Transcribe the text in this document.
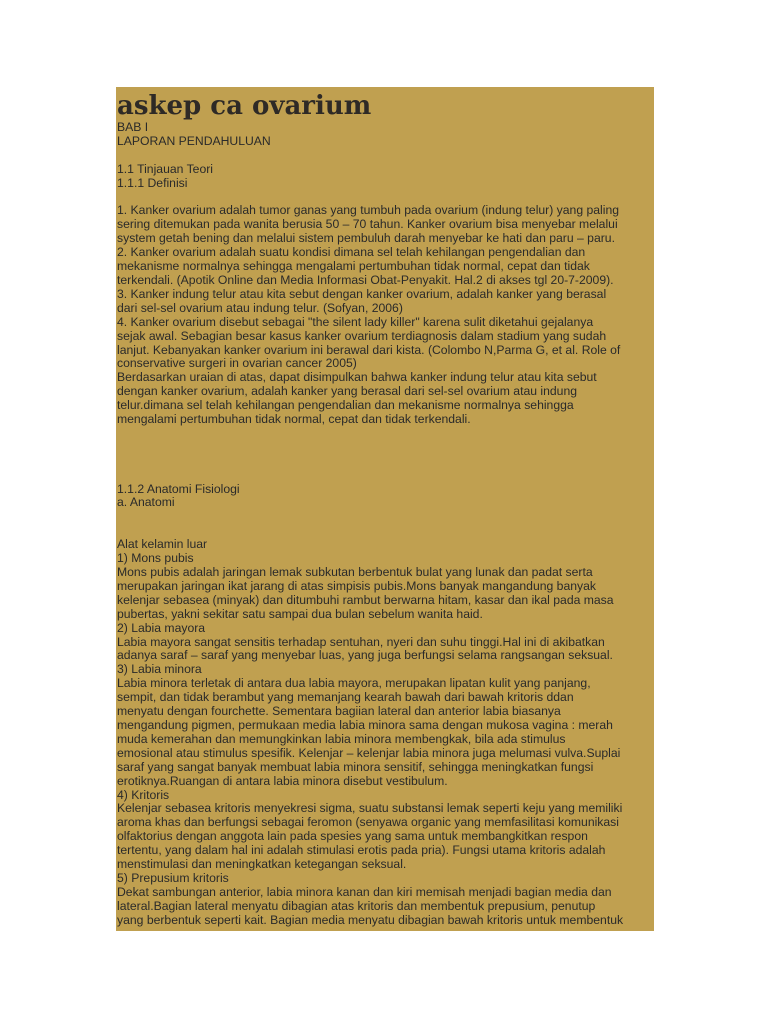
askep ca ovarium
BAB I
LAPORAN PENDAHULUAN

1.1 Tinjauan Teori
1.1.1 Definisi

1. Kanker ovarium adalah tumor ganas yang tumbuh pada ovarium (indung telur) yang paling
sering ditemukan pada wanita berusia 50 – 70 tahun. Kanker ovarium bisa menyebar melalui
system getah bening dan melalui sistem pembuluh darah menyebar ke hati dan paru – paru.
2. Kanker ovarium adalah suatu kondisi dimana sel telah kehilangan pengendalian dan
mekanisme normalnya sehingga mengalami pertumbuhan tidak normal, cepat dan tidak
terkendali. (Apotik Online dan Media Informasi Obat-Penyakit. Hal.2 di akses tgl 20-7-2009).
3. Kanker indung telur atau kita sebut dengan kanker ovarium, adalah kanker yang berasal
dari sel-sel ovarium atau indung telur. (Sofyan, 2006)
4. Kanker ovarium disebut sebagai "the silent lady killer" karena sulit diketahui gejalanya
sejak awal. Sebagian besar kasus kanker ovarium terdiagnosis dalam stadium yang sudah
lanjut. Kebanyakan kanker ovarium ini berawal dari kista. (Colombo N,Parma G, et al. Role of
conservative surgeri in ovarian cancer 2005)
Berdasarkan uraian di atas, dapat disimpulkan bahwa kanker indung telur atau kita sebut
dengan kanker ovarium, adalah kanker yang berasal dari sel-sel ovarium atau indung
telur.dimana sel telah kehilangan pengendalian dan mekanisme normalnya sehingga
mengalami pertumbuhan tidak normal, cepat dan tidak terkendali.

1.1.2 Anatomi Fisiologi
a. Anatomi

Alat kelamin luar
1) Mons pubis
Mons pubis adalah jaringan lemak subkutan berbentuk bulat yang lunak dan padat serta
merupakan jaringan ikat jarang di atas simpisis pubis.Mons banyak mangandung banyak
kelenjar sebasea (minyak) dan ditumbuhi rambut berwarna hitam, kasar dan ikal pada masa
pubertas, yakni sekitar satu sampai dua bulan sebelum wanita haid.
2) Labia mayora
Labia mayora sangat sensitis terhadap sentuhan, nyeri dan suhu tinggi.Hal ini di akibatkan
adanya saraf – saraf yang menyebar luas, yang juga berfungsi selama rangsangan seksual.
3) Labia minora
Labia minora terletak di antara dua labia mayora, merupakan lipatan kulit yang panjang,
sempit, dan tidak berambut yang memanjang kearah bawah dari bawah kritoris ddan
menyatu dengan fourchette. Sementara bagiian lateral dan anterior labia biasanya
mengandung pigmen, permukaan media labia minora sama dengan mukosa vagina : merah
muda kemerahan dan memungkinkan labia minora membengkak, bila ada stimulus
emosional atau stimulus spesifik. Kelenjar – kelenjar labia minora juga melumasi vulva.Suplai
saraf yang sangat banyak membuat labia minora sensitif, sehingga meningkatkan fungsi
erotiknya.Ruangan di antara labia minora disebut vestibulum.
4) Kritoris
Kelenjar sebasea kritoris menyekresi sigma, suatu substansi lemak seperti keju yang memiliki
aroma khas dan berfungsi sebagai feromon (senyawa organic yang memfasilitasi komunikasi
olfaktorius dengan anggota lain pada spesies yang sama untuk membangkitkan respon
tertentu, yang dalam hal ini adalah stimulasi erotis pada pria). Fungsi utama kritoris adalah
menstimulasi dan meningkatkan ketegangan seksual.
5) Prepusium kritoris
Dekat sambungan anterior, labia minora kanan dan kiri memisah menjadi bagian media dan
lateral.Bagian lateral menyatu dibagian atas kritoris dan membentuk prepusium, penutup
yang berbentuk seperti kait. Bagian media menyatu dibagian bawah kritoris untuk membentuk
